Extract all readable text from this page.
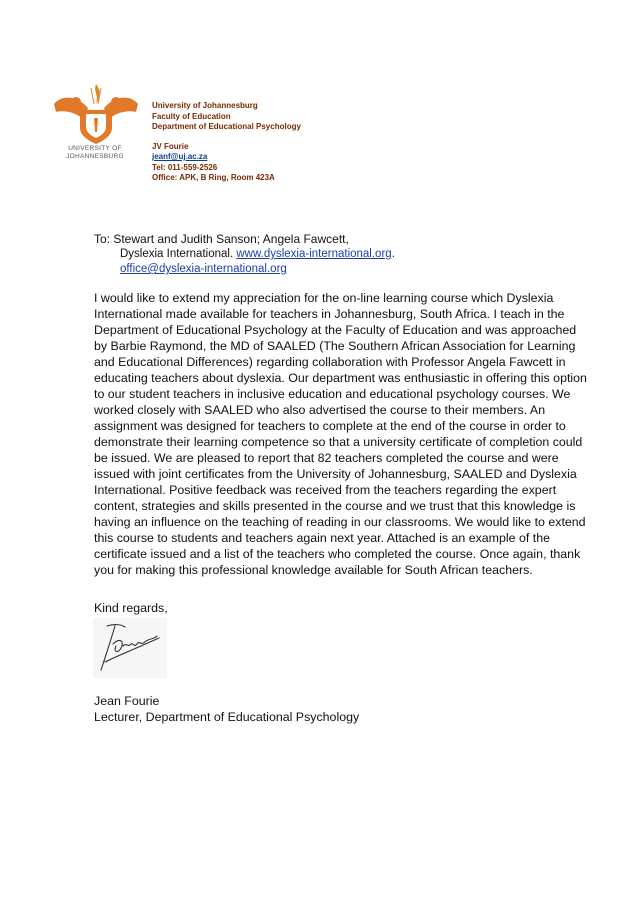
UNIVERSITY OF JOHANNESBURG
University of Johannesburg
Faculty of Education
Department of Educational Psychology
JV Fourie
jeanf@uj.ac.za
Tel: 011-559-2526
Office: APK, B Ring, Room 423A
To: Stewart and Judith Sanson; Angela Fawcett,
Dyslexia International. www.dyslexia-international.org.
office@dyslexia-international.org
I would like to extend my appreciation for the on-line learning course which Dyslexia International made available for teachers in Johannesburg, South Africa. I teach in the Department of Educational Psychology at the Faculty of Education and was approached by Barbie Raymond, the MD of SAALED (The Southern African Association for Learning and Educational Differences) regarding collaboration with Professor Angela Fawcett in educating teachers about dyslexia. Our department was enthusiastic in offering this option to our student teachers in inclusive education and educational psychology courses. We worked closely with SAALED who also advertised the course to their members. An assignment was designed for teachers to complete at the end of the course in order to demonstrate their learning competence so that a university certificate of completion could be issued. We are pleased to report that 82 teachers completed the course and were issued with joint certificates from the University of Johannesburg, SAALED and Dyslexia International. Positive feedback was received from the teachers regarding the expert content, strategies and skills presented in the course and we trust that this knowledge is having an influence on the teaching of reading in our classrooms. We would like to extend this course to students and teachers again next year. Attached is an example of the certificate issued and a list of the teachers who completed the course. Once again, thank you for making this professional knowledge available for South African teachers.
Kind regards,
Jean Fourie
Lecturer, Department of Educational Psychology
